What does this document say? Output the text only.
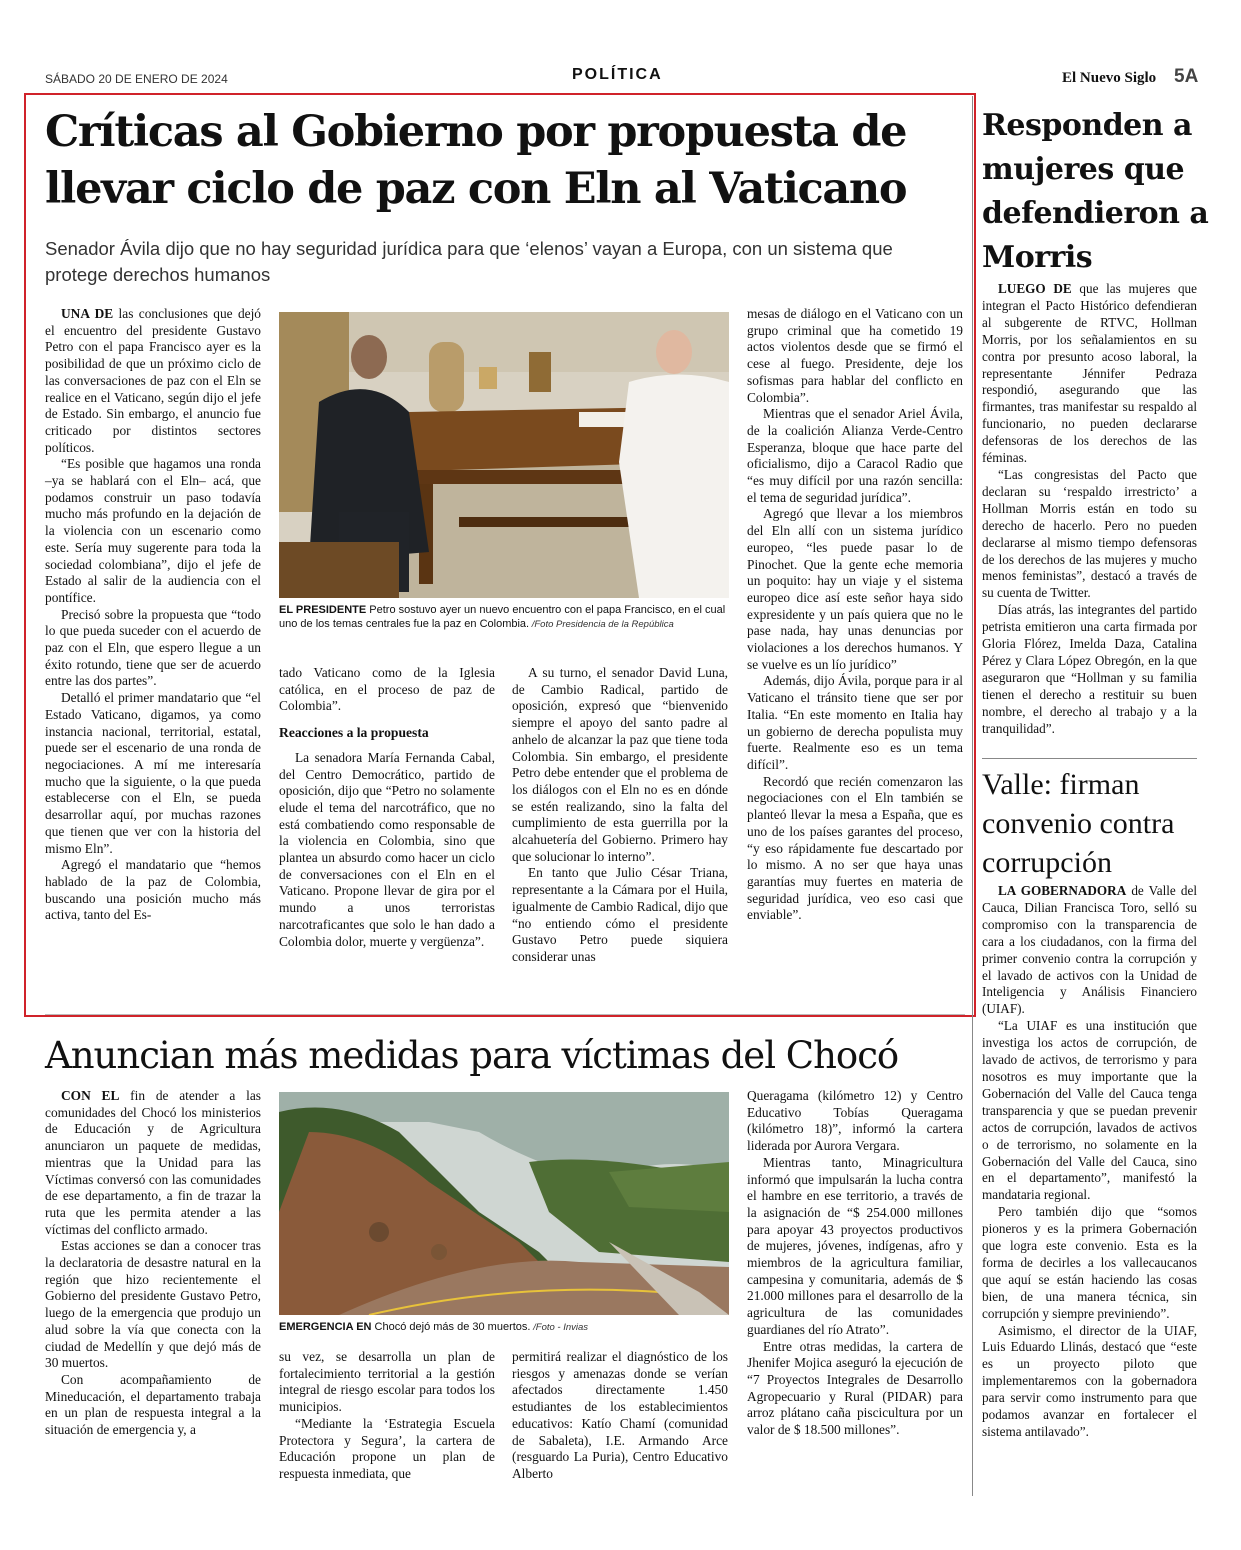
SÁBADO 20 DE ENERO DE 2024	POLÍTICA	El Nuevo Siglo 5A
Críticas al Gobierno por propuesta de
llevar ciclo de paz con Eln al Vaticano
Senador Ávila dijo que no hay seguridad jurídica para que ‘elenos’ vayan a Europa, con un sistema que protege derechos humanos

UNA DE las conclusiones que dejó el encuentro del presidente Gustavo Petro con el papa Francisco ayer es la posibilidad de que un próximo ciclo de las conversaciones de paz con el Eln se realice en el Vaticano, según dijo el jefe de Estado. Sin embargo, el anuncio fue criticado por distintos sectores políticos.

“Es posible que hagamos una ronda –ya se hablará con el Eln– acá, que podamos construir un paso todavía mucho más profundo en la dejación de la violencia con un escenario como este. Sería muy sugerente para toda la sociedad colombiana”, dijo el jefe de Estado al salir de la audiencia con el pontífice.

Precisó sobre la propuesta que “todo lo que pueda suceder con el acuerdo de paz con el Eln, que espero llegue a un éxito rotundo, tiene que ser de acuerdo entre las dos partes”.

Detalló el primer mandatario que “el Estado Vaticano, digamos, ya como instancia nacional, territorial, estatal, puede ser el escenario de una ronda de negociaciones. A mí me interesaría mucho que la siguiente, o la que pueda establecerse con el Eln, se pueda desarrollar aquí, por muchas razones que tienen que ver con la historia del mismo Eln”.

Agregó el mandatario que “hemos hablado de la paz de Colombia, buscando una posición mucho más activa, tanto del Es-

EL PRESIDENTE Petro sostuvo ayer un nuevo encuentro con el papa Francisco, en el cual uno de los temas centrales fue la paz en Colombia. /Foto Presidencia de la República

tado Vaticano como de la Iglesia católica, en el proceso de paz de Colombia”.

Reacciones a la propuesta

La senadora María Fernanda Cabal, del Centro Democrático, partido de oposición, dijo que “Petro no solamente elude el tema del narcotráfico, que no está combatiendo como responsable de la violencia en Colombia, sino que plantea un absurdo como hacer un ciclo de conversaciones con el Eln en el Vaticano. Propone llevar de gira por el mundo a unos terroristas narcotraficantes que solo le han dado a Colombia dolor, muerte y vergüenza”.

A su turno, el senador David Luna, de Cambio Radical, partido de oposición, expresó que “bienvenido siempre el apoyo del santo padre al anhelo de alcanzar la paz que tiene toda Colombia. Sin embargo, el presidente Petro debe entender que el problema de los diálogos con el Eln no es en dónde se estén realizando, sino la falta del cumplimiento de esta guerrilla por la alcahuetería del Gobierno. Primero hay que solucionar lo interno”.

En tanto que Julio César Triana, representante a la Cámara por el Huila, igualmente de Cambio Radical, dijo que “no entiendo cómo el presidente Gustavo Petro puede siquiera considerar unas

mesas de diálogo en el Vaticano con un grupo criminal que ha cometido 19 actos violentos desde que se firmó el cese al fuego. Presidente, deje los sofismas para hablar del conflicto en Colombia”.

Mientras que el senador Ariel Ávila, de la coalición Alianza Verde-Centro Esperanza, bloque que hace parte del oficialismo, dijo a Caracol Radio que “es muy difícil por una razón sencilla: el tema de seguridad jurídica”.

Agregó que llevar a los miembros del Eln allí con un sistema jurídico europeo, “les puede pasar lo de Pinochet. Que la gente eche memoria un poquito: hay un viaje y el sistema europeo dice así este señor haya sido expresidente y un país quiera que no le pase nada, hay unas denuncias por violaciones a los derechos humanos. Y se vuelve es un lío jurídico”

Además, dijo Ávila, porque para ir al Vaticano el tránsito tiene que ser por Italia. “En este momento en Italia hay un gobierno de derecha populista muy fuerte. Realmente eso es un tema difícil”.

Recordó que recién comenzaron las negociaciones con el Eln también se planteó llevar la mesa a España, que es uno de los países garantes del proceso, “y eso rápidamente fue descartado por lo mismo. A no ser que haya unas garantías muy fuertes en materia de seguridad jurídica, veo eso casi que enviable”.

Responden a mujeres que defendieron a Morris

LUEGO DE que las mujeres que integran el Pacto Histórico defendieran al subgerente de RTVC, Hollman Morris, por los señalamientos en su contra por presunto acoso laboral, la representante Jénnifer Pedraza respondió, asegurando que las firmantes, tras manifestar su respaldo al funcionario, no pueden declararse defensoras de los derechos de las féminas.

“Las congresistas del Pacto que declaran su ‘respaldo irrestricto’ a Hollman Morris están en todo su derecho de hacerlo. Pero no pueden declararse al mismo tiempo defensoras de los derechos de las mujeres y mucho menos feministas”, destacó a través de su cuenta de Twitter.

Días atrás, las integrantes del partido petrista emitieron una carta firmada por Gloria Flórez, Imelda Daza, Catalina Pérez y Clara López Obregón, en la que aseguraron que “Hollman y su familia tienen el derecho a restituir su buen nombre, el derecho al trabajo y a la tranquilidad”.

Valle: firman convenio contra corrupción

LA GOBERNADORA de Valle del Cauca, Dilian Francisca Toro, selló su compromiso con la transparencia de cara a los ciudadanos, con la firma del primer convenio contra la corrupción y el lavado de activos con la Unidad de Inteligencia y Análisis Financiero (UIAF).

“La UIAF es una institución que investiga los actos de corrupción, de lavado de activos, de terrorismo y para nosotros es muy importante que la Gobernación del Valle del Cauca tenga transparencia y que se puedan prevenir actos de corrupción, lavados de activos o de terrorismo, no solamente en la Gobernación del Valle del Cauca, sino en el departamento”, manifestó la mandataria regional.

Pero también dijo que “somos pioneros y es la primera Gobernación que logra este convenio. Esta es la forma de decirles a los vallecaucanos que aquí se están haciendo las cosas bien, de una manera técnica, sin corrupción y siempre previniendo”.

Asimismo, el director de la UIAF, Luis Eduardo Llinás, destacó que “este es un proyecto piloto que implementaremos con la gobernadora para servir como instrumento para que podamos avanzar en fortalecer el sistema antilavado”.

Anuncian más medidas para víctimas del Chocó

CON EL fin de atender a las comunidades del Chocó los ministerios de Educación y de Agricultura anunciaron un paquete de medidas, mientras que la Unidad para las Víctimas conversó con las comunidades de ese departamento, a fin de trazar la ruta que les permita atender a las víctimas del conflicto armado.

Estas acciones se dan a conocer tras la declaratoria de desastre natural en la región que hizo recientemente el Gobierno del presidente Gustavo Petro, luego de la emergencia que produjo un alud sobre la vía que conecta con la ciudad de Medellín y que dejó más de 30 muertos.

Con acompañamiento de Mineducación, el departamento trabaja en un plan de respuesta integral a la situación de emergencia y, a

EMERGENCIA EN Chocó dejó más de 30 muertos. /Foto - Invias

su vez, se desarrolla un plan de fortalecimiento territorial a la gestión integral de riesgo escolar para todos los municipios.

“Mediante la ‘Estrategia Escuela Protectora y Segura’, la cartera de Educación propone un plan de respuesta inmediata, que

permitirá realizar el diagnóstico de los riesgos y amenazas donde se verían afectados directamente 1.450 estudiantes de los establecimientos educativos: Katío Chamí (comunidad de Sabaleta), I.E. Armando Arce (resguardo La Puria), Centro Educativo Alberto

Queragama (kilómetro 12) y Centro Educativo Tobías Queragama (kilómetro 18)”, informó la cartera liderada por Aurora Vergara.

Mientras tanto, Minagricultura informó que impulsarán la lucha contra el hambre en ese territorio, a través de la asignación de “$ 254.000 millones para apoyar 43 proyectos productivos de mujeres, jóvenes, indígenas, afro y miembros de la agricultura familiar, campesina y comunitaria, además de $ 21.000 millones para el desarrollo de la agricultura de las comunidades guardianes del río Atrato”.

Entre otras medidas, la cartera de Jhenifer Mojica aseguró la ejecución de “7 Proyectos Integrales de Desarrollo Agropecuario y Rural (PIDAR) para arroz plátano caña piscicultura por un valor de $ 18.500 millones”.
